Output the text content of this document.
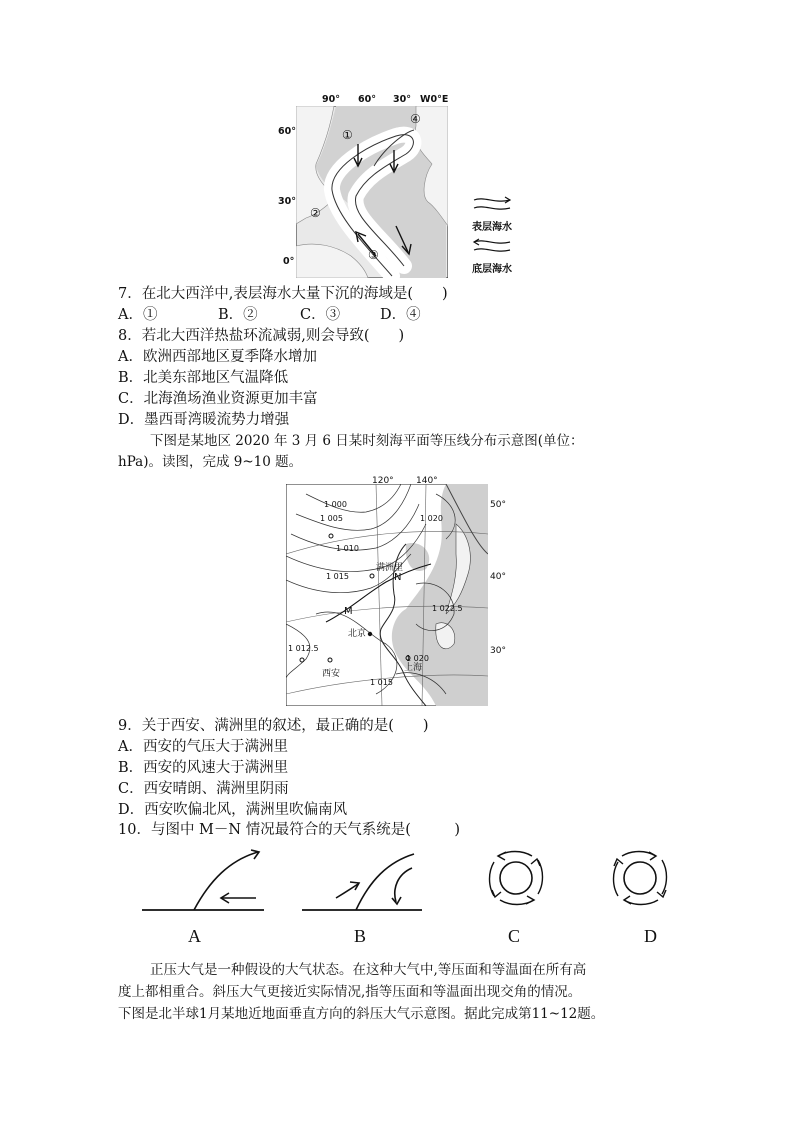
90° 60° 30° W0°E
60°
30°
0°
①
②
③
④
表层海水
底层海水
7．在北大西洋中,表层海水大量下沉的海域是(　　)
A．①	B．②	C．③	D．④
8．若北大西洋热盐环流减弱,则会导致(　　)
A．欧洲西部地区夏季降水增加
B．北美东部地区气温降低
C．北海渔场渔业资源更加丰富
D．墨西哥湾暖流势力增强
下图是某地区 2020 年 3 月 6 日某时刻海平面等压线分布示意图(单位：
hPa)。读图，完成 9~10 题。
120° 140°
50°
40°
30°
1 000
1 005
1 010
1 015
1 020
1 022.5
1 012.5
1 020
1 015
满洲里
北京
西安
上海
M
N
9．关于西安、满洲里的叙述，最正确的是(　　)
A．西安的气压大于满洲里
B．西安的风速大于满洲里
C．西安晴朗、满洲里阴雨
D．西安吹偏北风，满洲里吹偏南风
10．与图中 M－N 情况最符合的天气系统是(　　　)
A	B	C	D
正压大气是一种假设的大气状态。在这种大气中,等压面和等温面在所有高
度上都相重合。斜压大气更接近实际情况,指等压面和等温面出现交角的情况。
下图是北半球1月某地近地面垂直方向的斜压大气示意图。据此完成第11~12题。
